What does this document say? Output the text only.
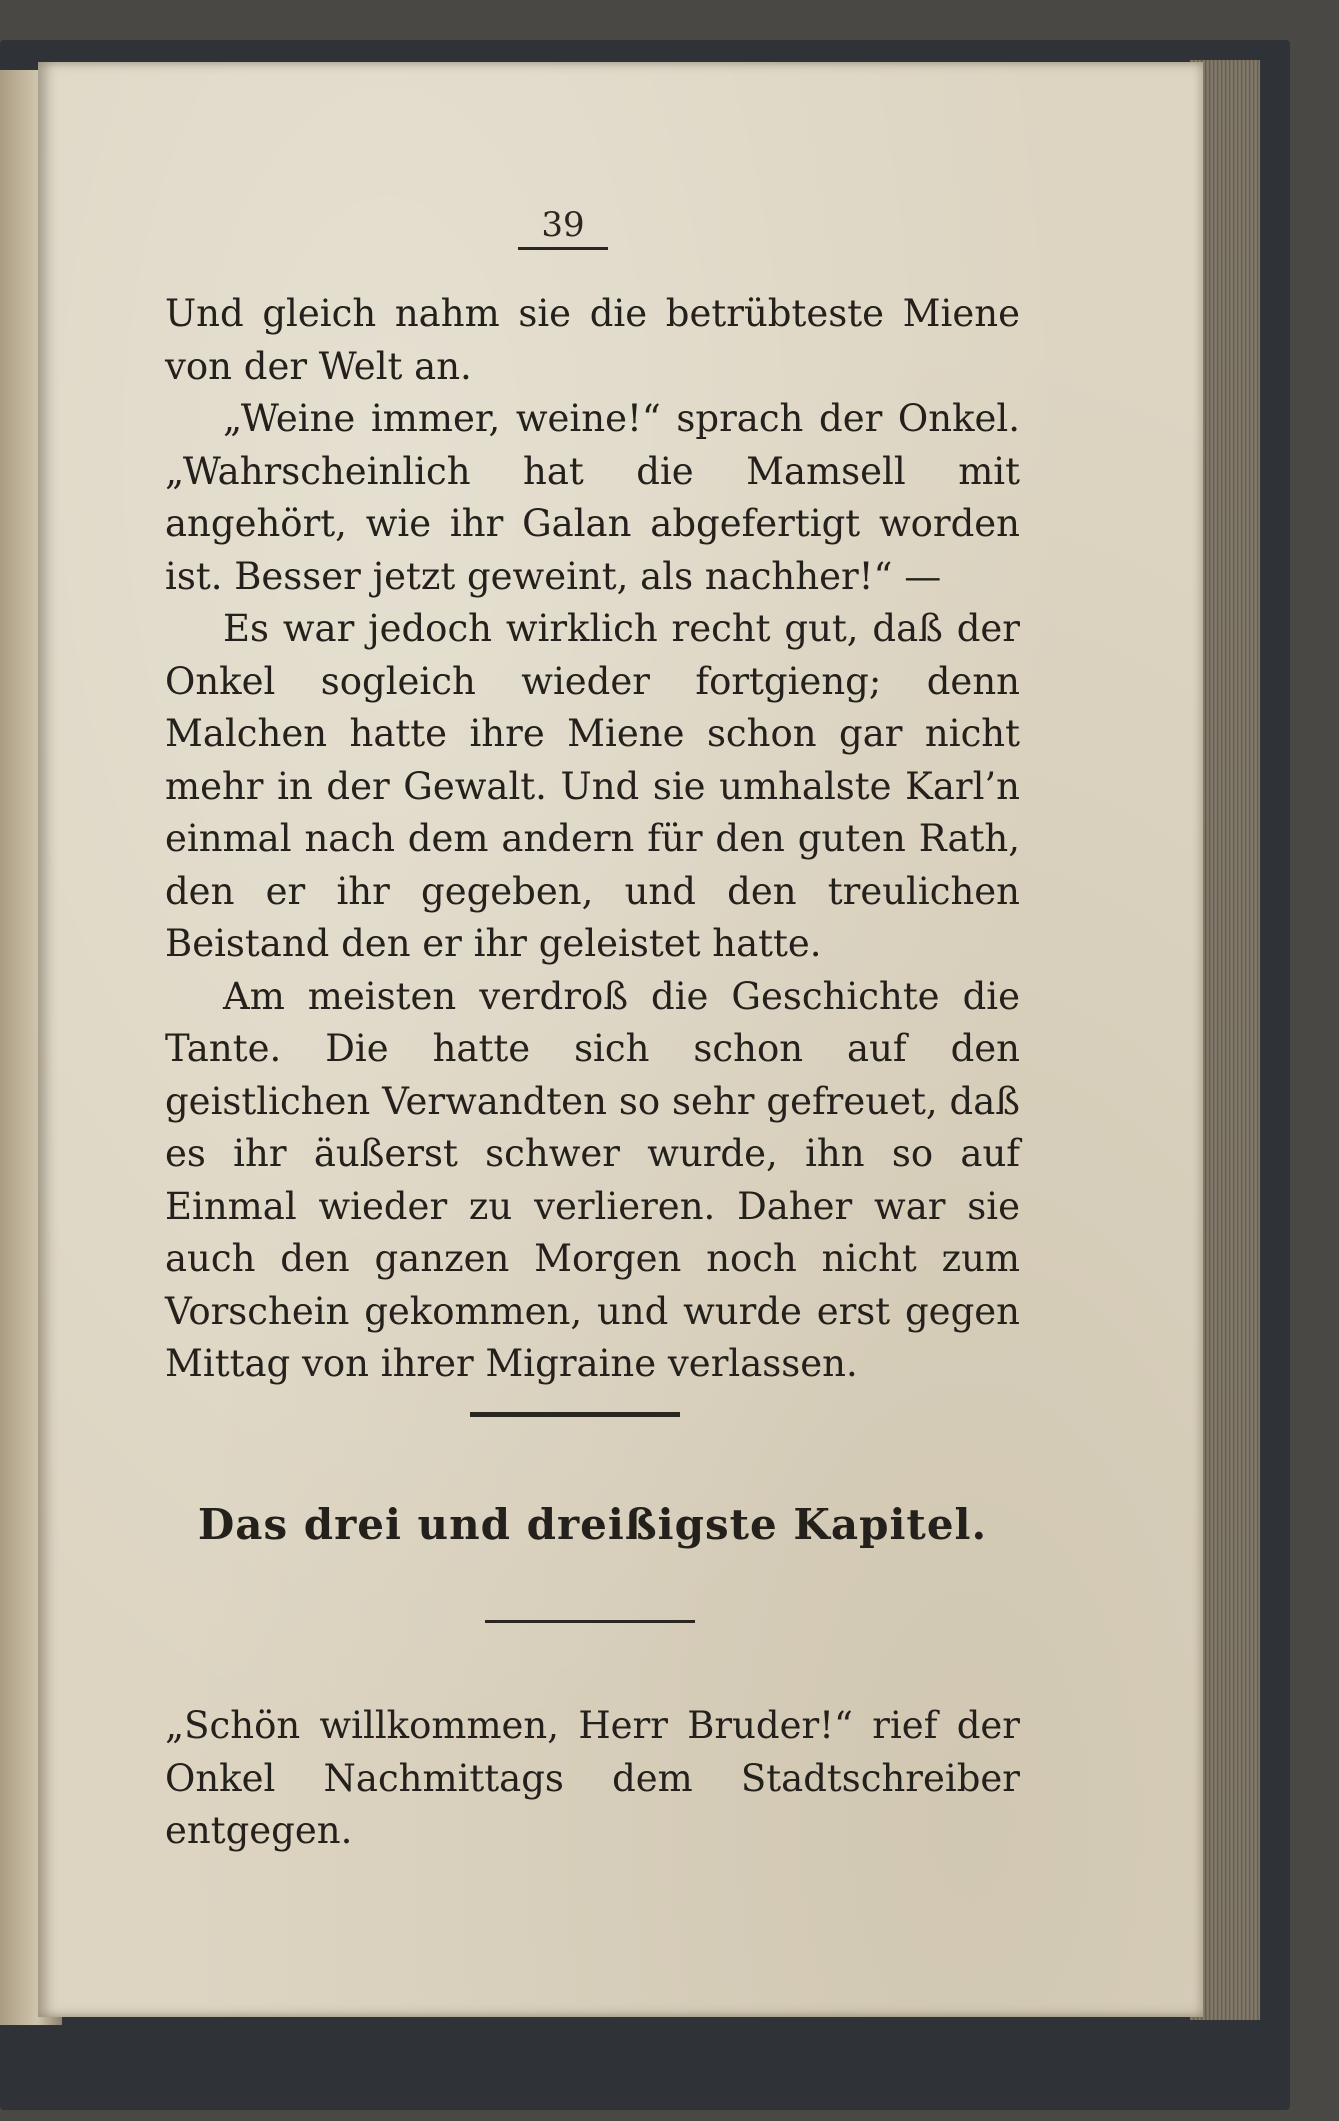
39

Und gleich nahm sie die betrübteste Miene von der Welt an.

„Weine immer, weine!“ sprach der Onkel. „Wahrscheinlich hat die Mamsell mit angehört, wie ihr Galan abgefertigt worden ist. Besser jetzt geweint, als nachher!“ —

Es war jedoch wirklich recht gut, daß der Onkel sogleich wieder fortgieng; denn Malchen hatte ihre Miene schon gar nicht mehr in der Gewalt. Und sie umhalste Karl’n einmal nach dem andern für den guten Rath, den er ihr gegeben, und den treulichen Beistand den er ihr geleistet hatte.

Am meisten verdroß die Geschichte die Tante. Die hatte sich schon auf den geistlichen Verwandten so sehr gefreuet, daß es ihr äußerst schwer wurde, ihn so auf Einmal wieder zu verlieren. Daher war sie auch den ganzen Morgen noch nicht zum Vorschein gekommen, und wurde erst gegen Mittag von ihrer Migraine verlassen.

Das drei und dreißigste Kapitel.

„Schön willkommen, Herr Bruder!“ rief der Onkel Nachmittags dem Stadtschreiber entgegen.
